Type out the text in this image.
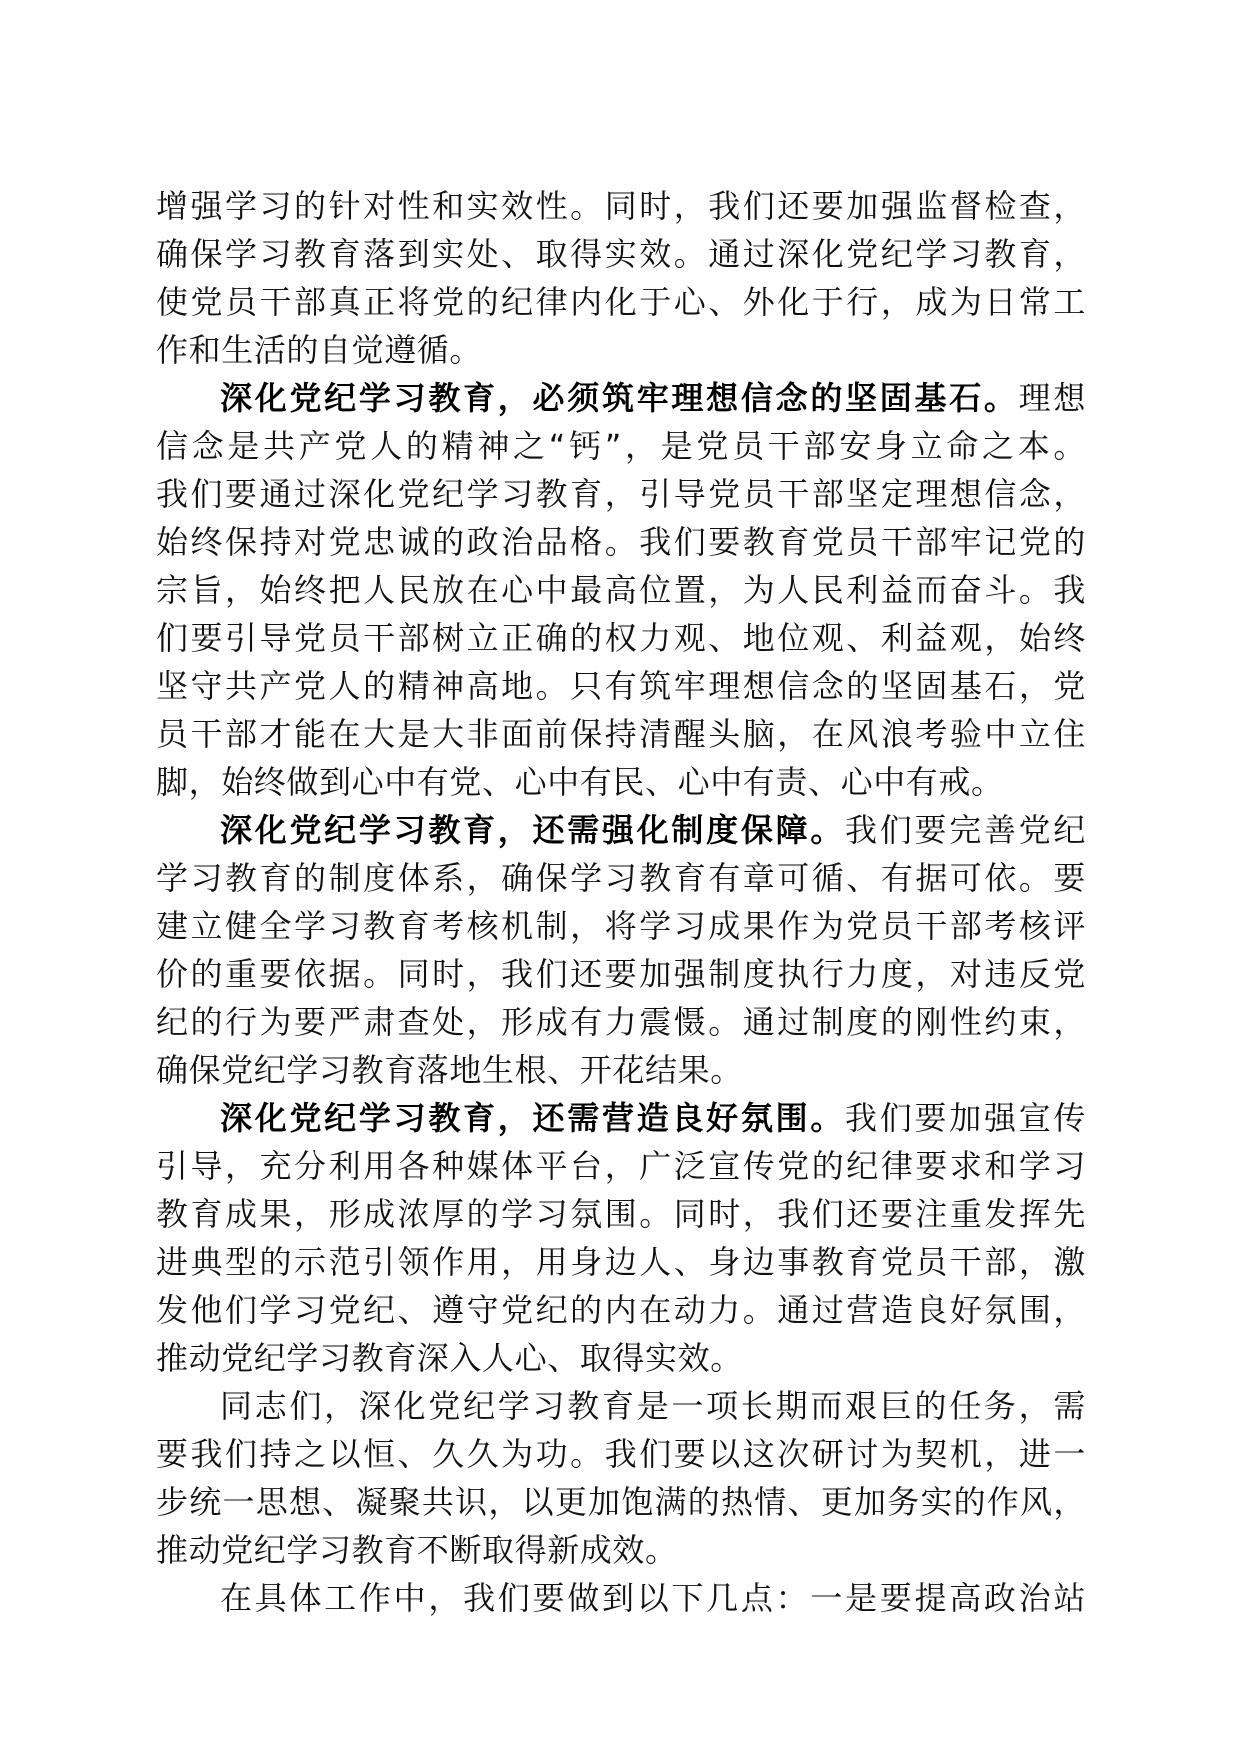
增强学习的针对性和实效性。同时，我们还要加强监督检查，
确保学习教育落到实处、取得实效。通过深化党纪学习教育，
使党员干部真正将党的纪律内化于心、外化于行，成为日常工
作和生活的自觉遵循。
深化党纪学习教育，必须筑牢理想信念的坚固基石。理想
信念是共产党人的精神之“钙”，是党员干部安身立命之本。
我们要通过深化党纪学习教育，引导党员干部坚定理想信念，
始终保持对党忠诚的政治品格。我们要教育党员干部牢记党的
宗旨，始终把人民放在心中最高位置，为人民利益而奋斗。我
们要引导党员干部树立正确的权力观、地位观、利益观，始终
坚守共产党人的精神高地。只有筑牢理想信念的坚固基石，党
员干部才能在大是大非面前保持清醒头脑，在风浪考验中立住
脚，始终做到心中有党、心中有民、心中有责、心中有戒。
深化党纪学习教育，还需强化制度保障。我们要完善党纪
学习教育的制度体系，确保学习教育有章可循、有据可依。要
建立健全学习教育考核机制，将学习成果作为党员干部考核评
价的重要依据。同时，我们还要加强制度执行力度，对违反党
纪的行为要严肃查处，形成有力震慑。通过制度的刚性约束，
确保党纪学习教育落地生根、开花结果。
深化党纪学习教育，还需营造良好氛围。我们要加强宣传
引导，充分利用各种媒体平台，广泛宣传党的纪律要求和学习
教育成果，形成浓厚的学习氛围。同时，我们还要注重发挥先
进典型的示范引领作用，用身边人、身边事教育党员干部，激
发他们学习党纪、遵守党纪的内在动力。通过营造良好氛围，
推动党纪学习教育深入人心、取得实效。
同志们，深化党纪学习教育是一项长期而艰巨的任务，需
要我们持之以恒、久久为功。我们要以这次研讨为契机，进一
步统一思想、凝聚共识，以更加饱满的热情、更加务实的作风，
推动党纪学习教育不断取得新成效。
在具体工作中，我们要做到以下几点：一是要提高政治站
